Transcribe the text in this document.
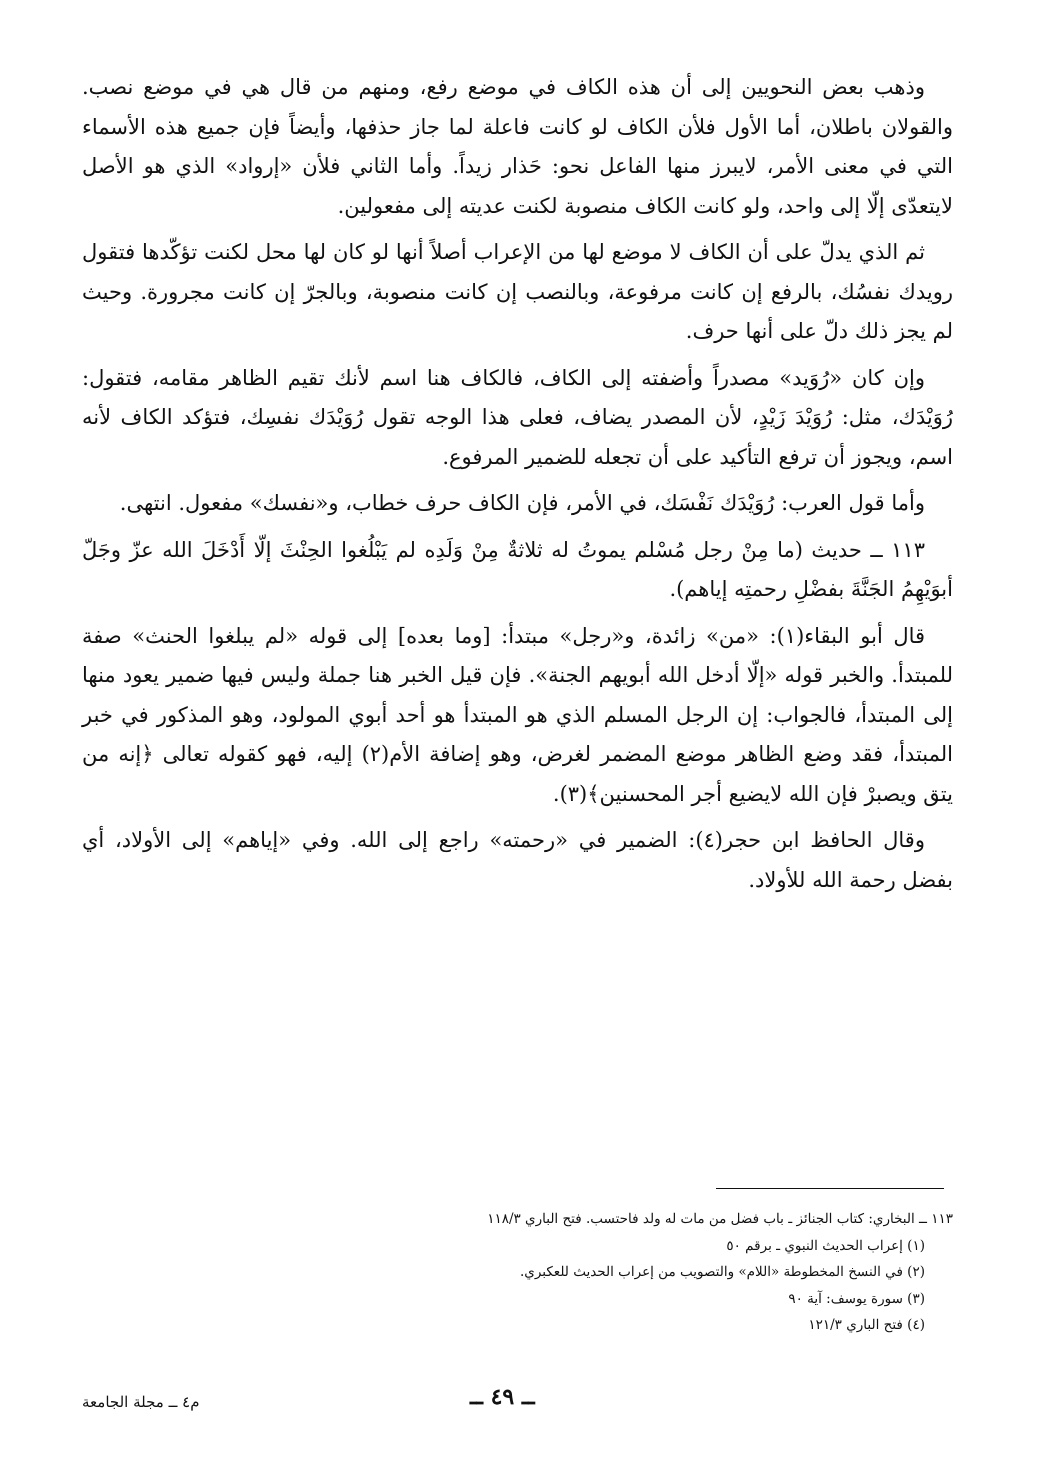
وذهب بعض النحويين إلى أن هذه الكاف في موضع رفع، ومنهم من قال هي في موضع نصب. والقولان باطلان، أما الأول فلأن الكاف لو كانت فاعلة لما جاز حذفها، وأيضاً فإن جميع هذه الأسماء التي في معنى الأمر، لايبرز منها الفاعل نحو: حَذار زيداً. وأما الثاني فلأن «إرواد» الذي هو الأصل لايتعدّى إلّا إلى واحد، ولو كانت الكاف منصوبة لكنت عديته إلى مفعولين.

ثم الذي يدلّ على أن الكاف لا موضع لها من الإعراب أصلاً أنها لو كان لها محل لكنت تؤكّدها فتقول رويدك نفسُك، بالرفع إن كانت مرفوعة، وبالنصب إن كانت منصوبة، وبالجرّ إن كانت مجرورة. وحيث لم يجز ذلك دلّ على أنها حرف.

وإن كان «رُوَيد» مصدراً وأضفته إلى الكاف، فالكاف هنا اسم لأنك تقيم الظاهر مقامه، فتقول: رُوَيْدَك، مثل: رُوَيْدَ زَيْدٍ، لأن المصدر يضاف، فعلى هذا الوجه تقول رُوَيْدَك نفسِك، فتؤكد الكاف لأنه اسم، ويجوز أن ترفع التأكيد على أن تجعله للضمير المرفوع.

وأما قول العرب: رُوَيْدَك نَفْسَك، في الأمر، فإن الكاف حرف خطاب، و«نفسك» مفعول. انتهى.

١١٣ ــ حديث (ما مِنْ رجل مُسْلم يموتُ له ثلاثةٌ مِنْ وَلَدِه لم يَبْلُغوا الحِنْثَ إلّا أَدْخَلَ الله عزّ وجَلّ أبوَيْهِمُ الجَنَّةَ بفضْلِ رحمتِه إياهم).

قال أبو البقاء(١): «من» زائدة، و«رجل» مبتدأ: [وما بعده] إلى قوله «لم يبلغوا الحنث» صفة للمبتدأ. والخبر قوله «إلّا أدخل الله أبويهم الجنة». فإن قيل الخبر هنا جملة وليس فيها ضمير يعود منها إلى المبتدأ، فالجواب: إن الرجل المسلم الذي هو المبتدأ هو أحد أبوي المولود، وهو المذكور في خبر المبتدأ، فقد وضع الظاهر موضع المضمر لغرض، وهو إضافة الأم(٢) إليه، فهو كقوله تعالى ﴿إنه من يتق ويصبرْ فإن الله لايضيع أجر المحسنين﴾(٣).

وقال الحافظ ابن حجر(٤): الضمير في «رحمته» راجع إلى الله. وفي «إياهم» إلى الأولاد، أي بفضل رحمة الله للأولاد.

١١٣ ــ البخاري: كتاب الجنائز ـ باب فضل من مات له ولد فاحتسب. فتح الباري ١١٨/٣
(١) إعراب الحديث النبوي ـ برقم ٥٠
(٢) في النسخ المخطوطة «اللام» والتصويب من إعراب الحديث للعكبري.
(٣) سورة يوسف: آية ٩٠
(٤) فتح الباري ١٢١/٣
ــ ٤٩ ــ
م٤ ــ مجلة الجامعة
